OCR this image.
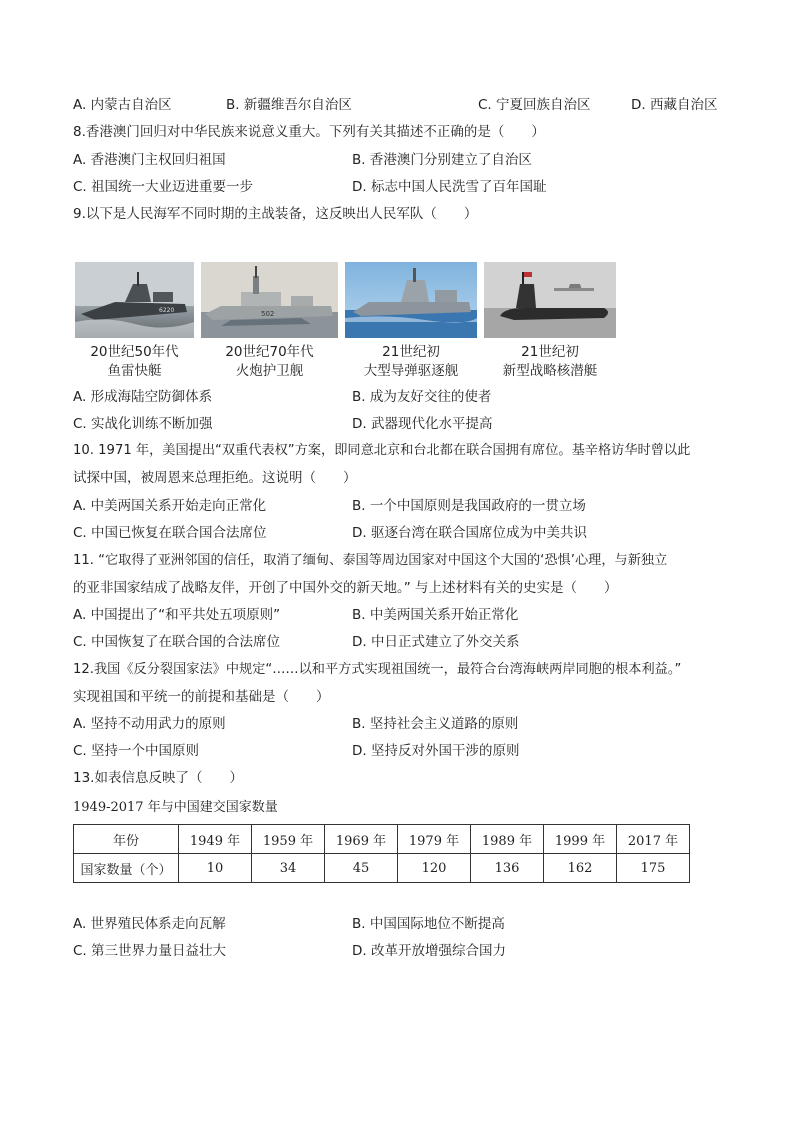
A. 内蒙古自治区	B. 新疆维吾尔自治区	C. 宁夏回族自治区	D. 西藏自治区
8.香港澳门回归对中华民族来说意义重大。下列有关其描述不正确的是（　　）
A. 香港澳门主权回归祖国	B. 香港澳门分别建立了自治区
C. 祖国统一大业迈进重要一步	D. 标志中国人民洗雪了百年国耻
9.以下是人民海军不同时期的主战装备，这反映出人民军队（　　）
6220	502
20世纪50年代
鱼雷快艇
20世纪70年代
火炮护卫舰
21世纪初
大型导弹驱逐舰
21世纪初
新型战略核潜艇
A. 形成海陆空防御体系	B. 成为友好交往的使者
C. 实战化训练不断加强	D. 武器现代化水平提高
10. 1971 年，美国提出“双重代表权”方案，即同意北京和台北都在联合国拥有席位。基辛格访华时曾以此
试探中国，被周恩来总理拒绝。这说明（　　）
A. 中美两国关系开始走向正常化	B. 一个中国原则是我国政府的一贯立场
C. 中国已恢复在联合国合法席位	D. 驱逐台湾在联合国席位成为中美共识
11. “它取得了亚洲邻国的信任，取消了缅甸、泰国等周边国家对中国这个大国的‘恐惧’心理，与新独立
的亚非国家结成了战略友伴，开创了中国外交的新天地。” 与上述材料有关的史实是（　　）
A. 中国提出了“和平共处五项原则”	B. 中美两国关系开始正常化
C. 中国恢复了在联合国的合法席位	D. 中日正式建立了外交关系
12.我国《反分裂国家法》中规定“……以和平方式实现祖国统一，最符合台湾海峡两岸同胞的根本利益。”
实现祖国和平统一的前提和基础是（　　）
A. 坚持不动用武力的原则	B. 坚持社会主义道路的原则
C. 坚持一个中国原则	D. 坚持反对外国干涉的原则
13.如表信息反映了（　　）
1949-2017 年与中国建交国家数量
年份	1949 年	1959 年	1969 年	1979 年	1989 年	1999 年	2017 年
国家数量（个）	10	34	45	120	136	162	175
A. 世界殖民体系走向瓦解	B. 中国国际地位不断提高
C. 第三世界力量日益壮大	D. 改革开放增强综合国力
